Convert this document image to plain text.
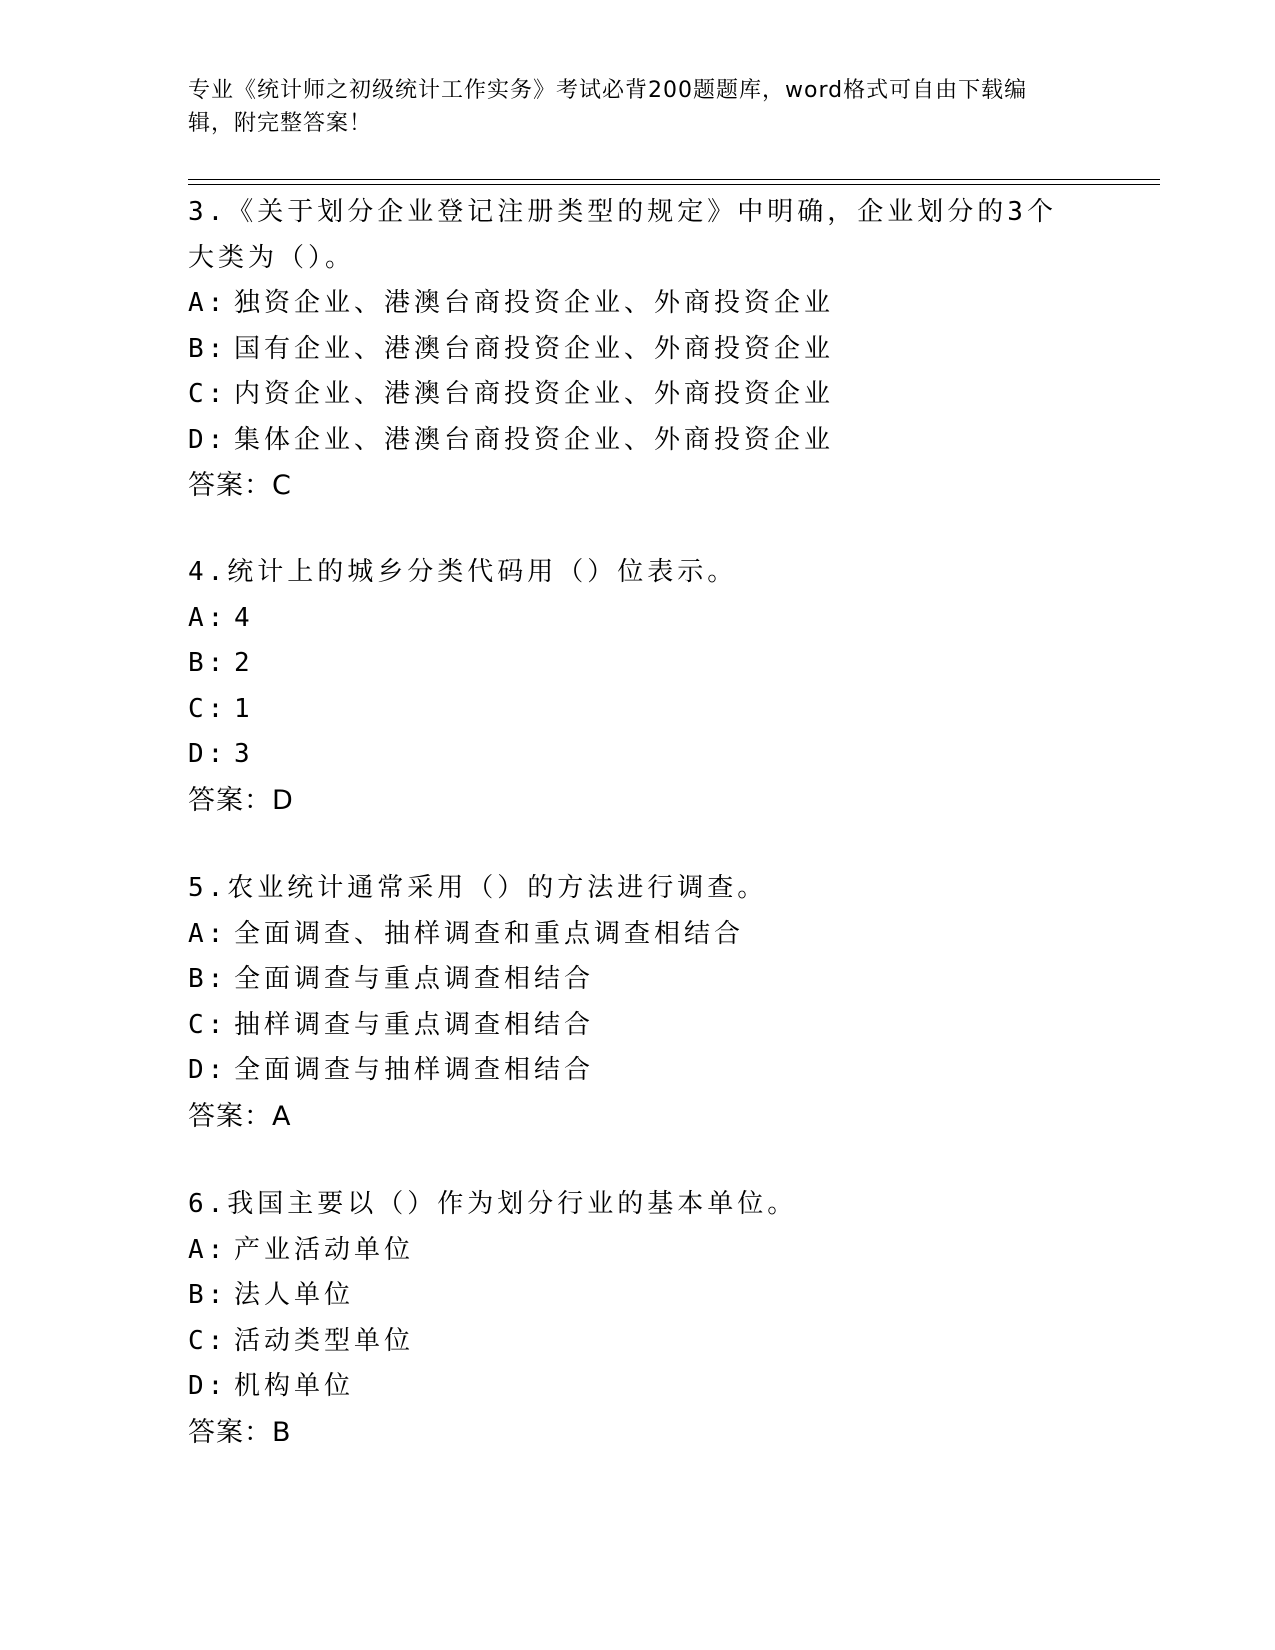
专业《统计师之初级统计工作实务》考试必背200题题库，word格式可自由下载编辑，附完整答案！
3.《关于划分企业登记注册类型的规定》中明确，企业划分的3个大类为（）。
A: 独资企业、港澳台商投资企业、外商投资企业
B: 国有企业、港澳台商投资企业、外商投资企业
C: 内资企业、港澳台商投资企业、外商投资企业
D: 集体企业、港澳台商投资企业、外商投资企业
答案：C
4.统计上的城乡分类代码用（）位表示。
A: 4
B: 2
C: 1
D: 3
答案：D
5.农业统计通常采用（）的方法进行调查。
A: 全面调查、抽样调查和重点调查相结合
B: 全面调查与重点调查相结合
C: 抽样调查与重点调查相结合
D: 全面调查与抽样调查相结合
答案：A
6.我国主要以（）作为划分行业的基本单位。
A: 产业活动单位
B: 法人单位
C: 活动类型单位
D: 机构单位
答案：B
